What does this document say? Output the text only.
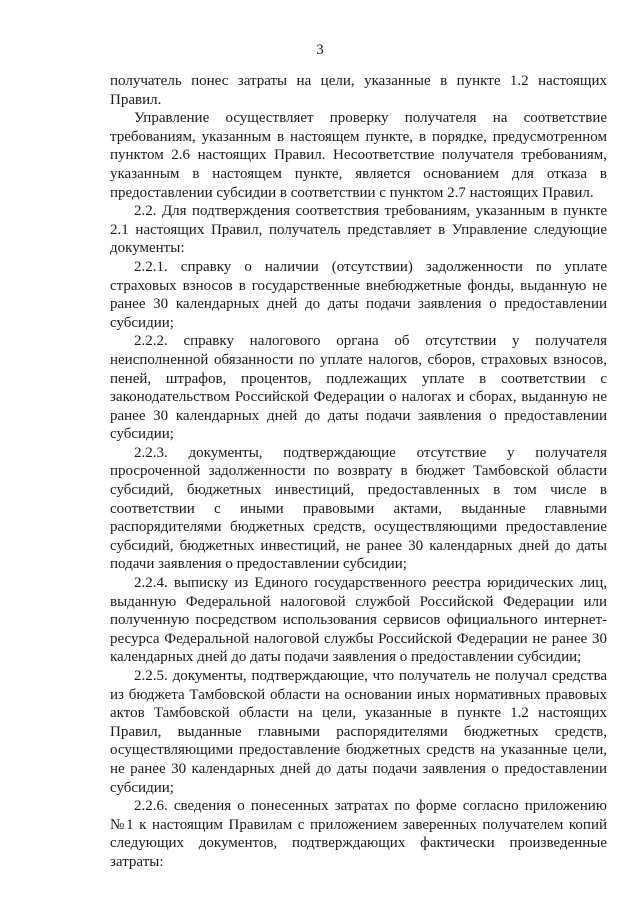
3

получатель понес затраты на цели, указанные в пункте 1.2 настоящих Правил.

Управление осуществляет проверку получателя на соответствие требованиям, указанным в настоящем пункте, в порядке, предусмотренном пунктом 2.6 настоящих Правил. Несоответствие получателя требованиям, указанным в настоящем пункте, является основанием для отказа в предоставлении субсидии в соответствии с пунктом 2.7 настоящих Правил.

2.2. Для подтверждения соответствия требованиям, указанным в пункте 2.1 настоящих Правил, получатель представляет в Управление следующие документы:

2.2.1. справку о наличии (отсутствии) задолженности по уплате страховых взносов в государственные внебюджетные фонды, выданную не ранее 30 календарных дней до даты подачи заявления о предоставлении субсидии;

2.2.2. справку налогового органа об отсутствии у получателя неисполненной обязанности по уплате налогов, сборов, страховых взносов, пеней, штрафов, процентов, подлежащих уплате в соответствии с законодательством Российской Федерации о налогах и сборах, выданную не ранее 30 календарных дней до даты подачи заявления о предоставлении субсидии;

2.2.3. документы, подтверждающие отсутствие у получателя просроченной задолженности по возврату в бюджет Тамбовской области субсидий, бюджетных инвестиций, предоставленных в том числе в соответствии с иными правовыми актами, выданные главными распорядителями бюджетных средств, осуществляющими предоставление субсидий, бюджетных инвестиций, не ранее 30 календарных дней до даты подачи заявления о предоставлении субсидии;

2.2.4. выписку из Единого государственного реестра юридических лиц, выданную Федеральной налоговой службой Российской Федерации или полученную посредством использования сервисов официального интернет-ресурса Федеральной налоговой службы Российской Федерации не ранее 30 календарных дней до даты подачи заявления о предоставлении субсидии;

2.2.5. документы, подтверждающие, что получатель не получал средства из бюджета Тамбовской области на основании иных нормативных правовых актов Тамбовской области на цели, указанные в пункте 1.2 настоящих Правил, выданные главными распорядителями бюджетных средств, осуществляющими предоставление бюджетных средств на указанные цели, не ранее 30 календарных дней до даты подачи заявления о предоставлении субсидии;

2.2.6. сведения о понесенных затратах по форме согласно приложению №1 к настоящим Правилам с приложением заверенных получателем копий следующих документов, подтверждающих фактически произведенные затраты:
